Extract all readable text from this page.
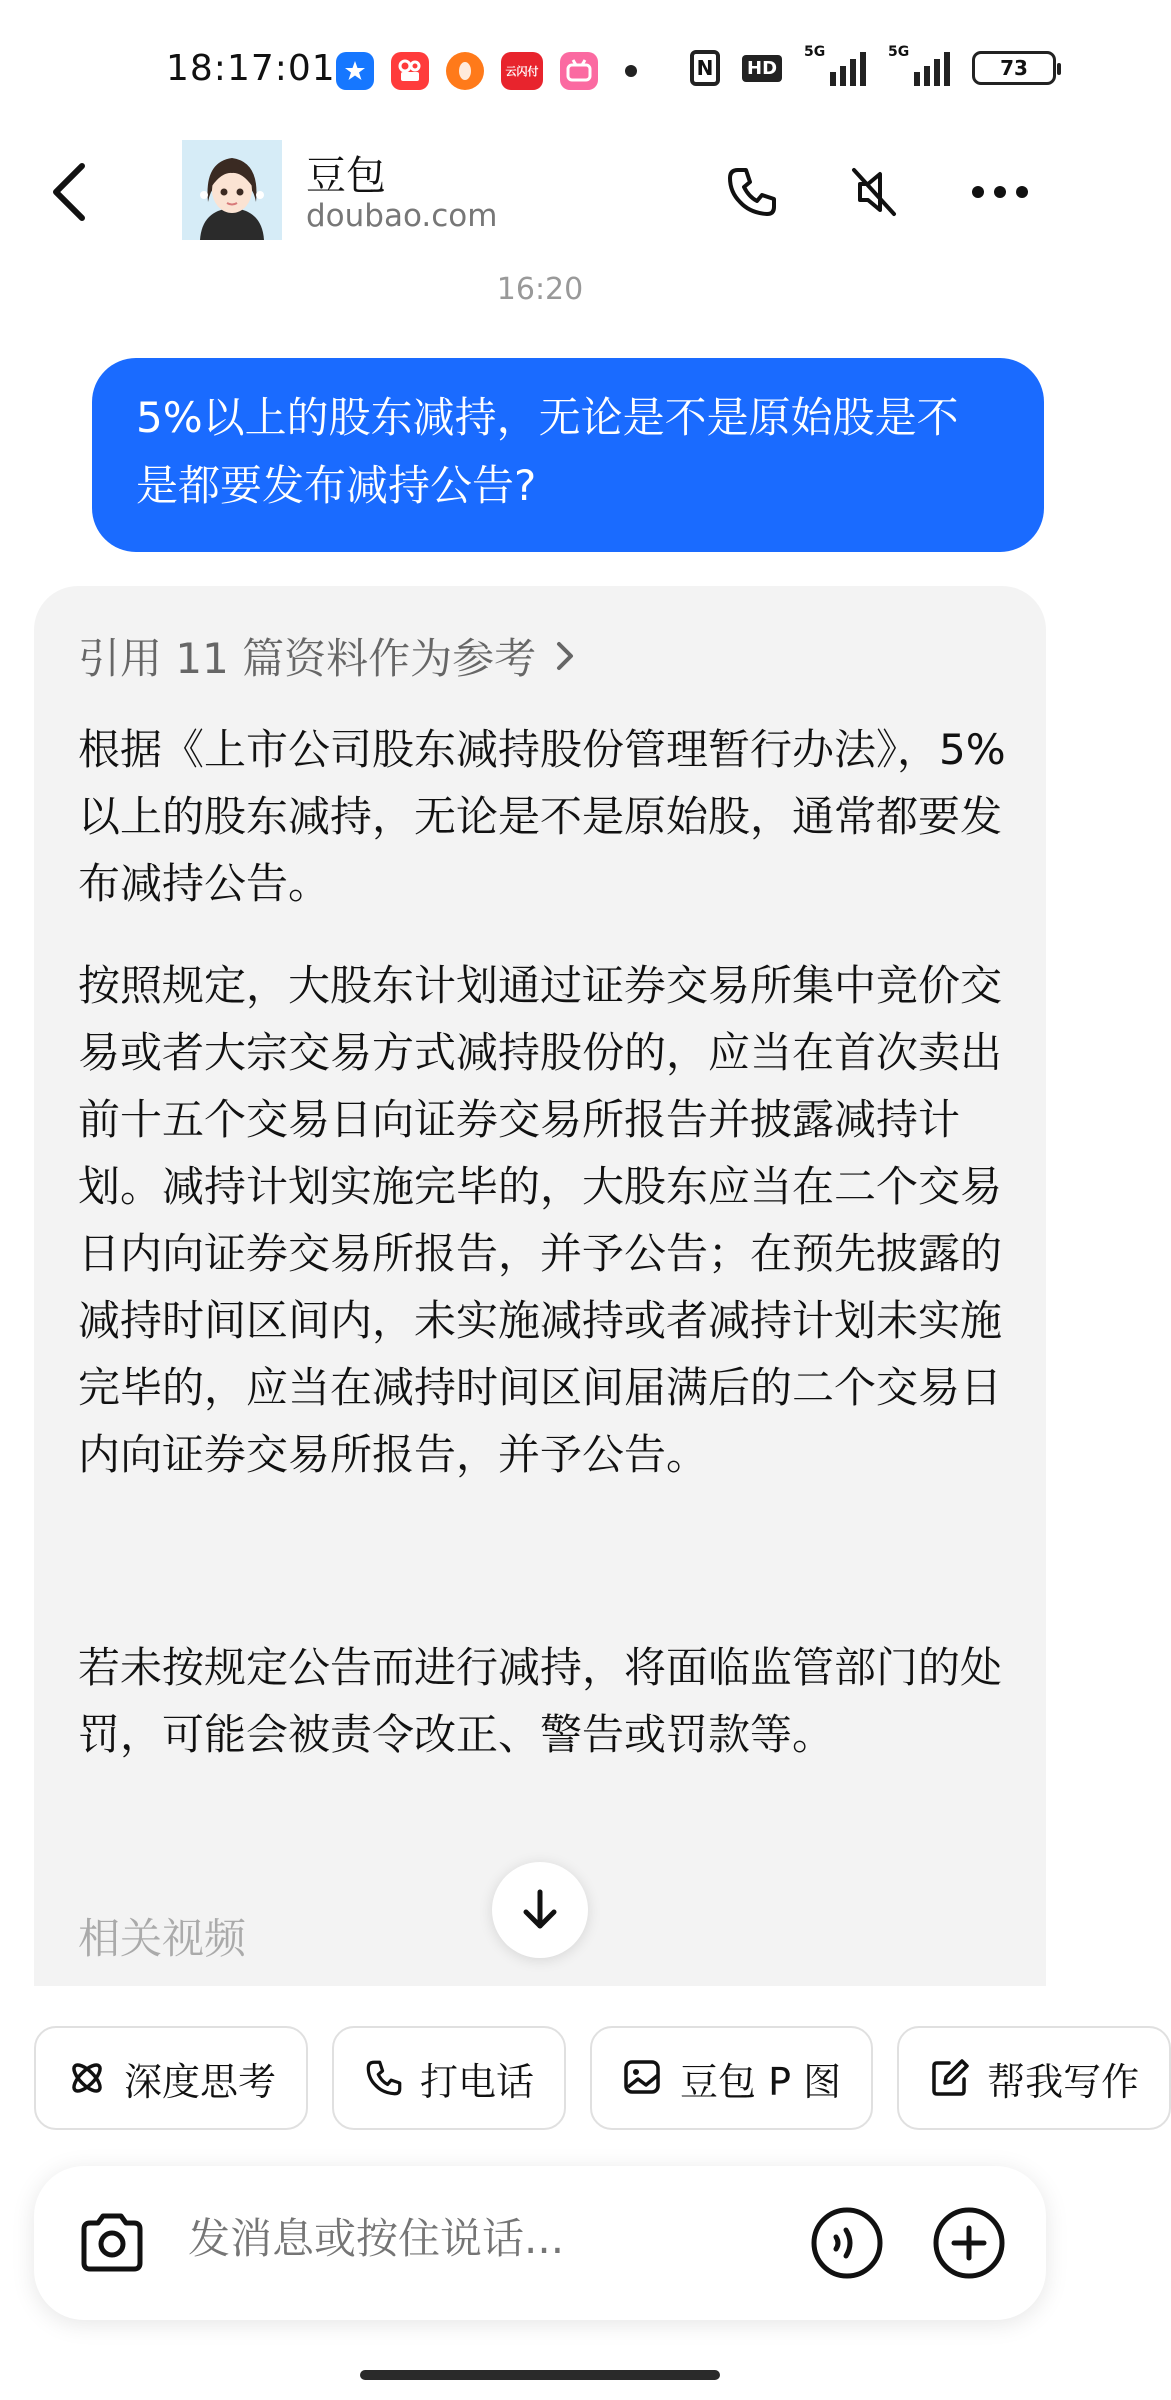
18:17:01	云闪付	N	HD
5G	5G
73
豆包
doubao.com
16:20
5%以上的股东减持，无论是不是原始股是不是都要发布减持公告?
引用 11 篇资料作为参考
根据《上市公司股东减持股份管理暂行办法》，5%以上的股东减持，无论是不是原始股，通常都要发布减持公告。
按照规定，大股东计划通过证券交易所集中竞价交易或者大宗交易方式减持股份的，应当在首次卖出前十五个交易日向证券交易所报告并披露减持计划。减持计划实施完毕的，大股东应当在二个交易日内向证券交易所报告，并予公告；在预先披露的减持时间区间内，未实施减持或者减持计划未实施完毕的，应当在减持时间区间届满后的二个交易日内向证券交易所报告，并予公告。
若未按规定公告而进行减持，将面临监管部门的处罚，可能会被责令改正、警告或罚款等。
相关视频
深度思考	打电话	豆包 P 图	帮我写作
发消息或按住说话...
